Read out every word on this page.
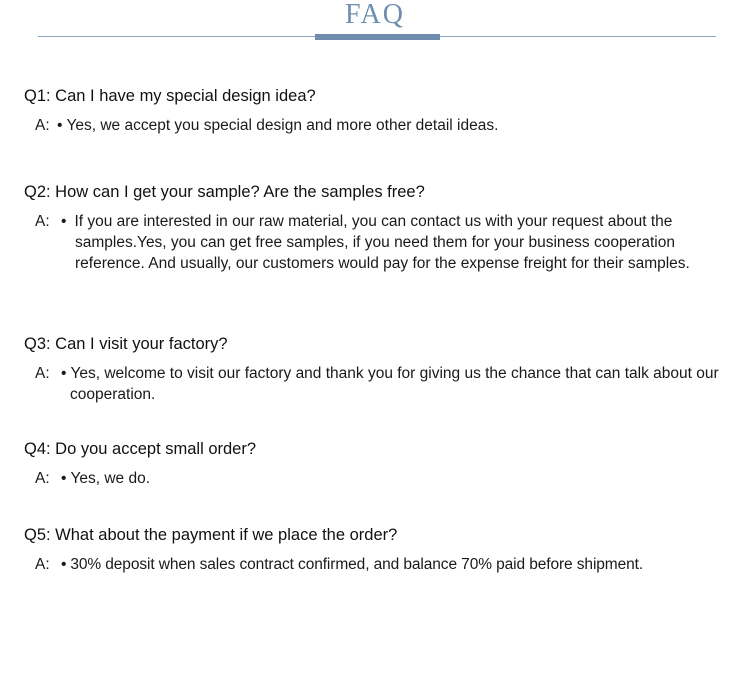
FAQ
Q1: Can I have my special design idea?
A: • Yes, we accept you special design and more other detail ideas.
Q2: How can I get your sample? Are the samples free?
A: • If you are interested in our raw material, you can contact us with your request about the samples.Yes, you can get free samples, if you need them for your business cooperation reference. And usually, our customers would pay for the expense freight for their samples.
Q3: Can I visit your factory?
A: • Yes, welcome to visit our factory and thank you for giving us the chance that can talk about our cooperation.
Q4: Do you accept small order?
A: • Yes, we do.
Q5: What about the payment if we place the order?
A: • 30% deposit when sales contract confirmed, and balance 70% paid before shipment.
